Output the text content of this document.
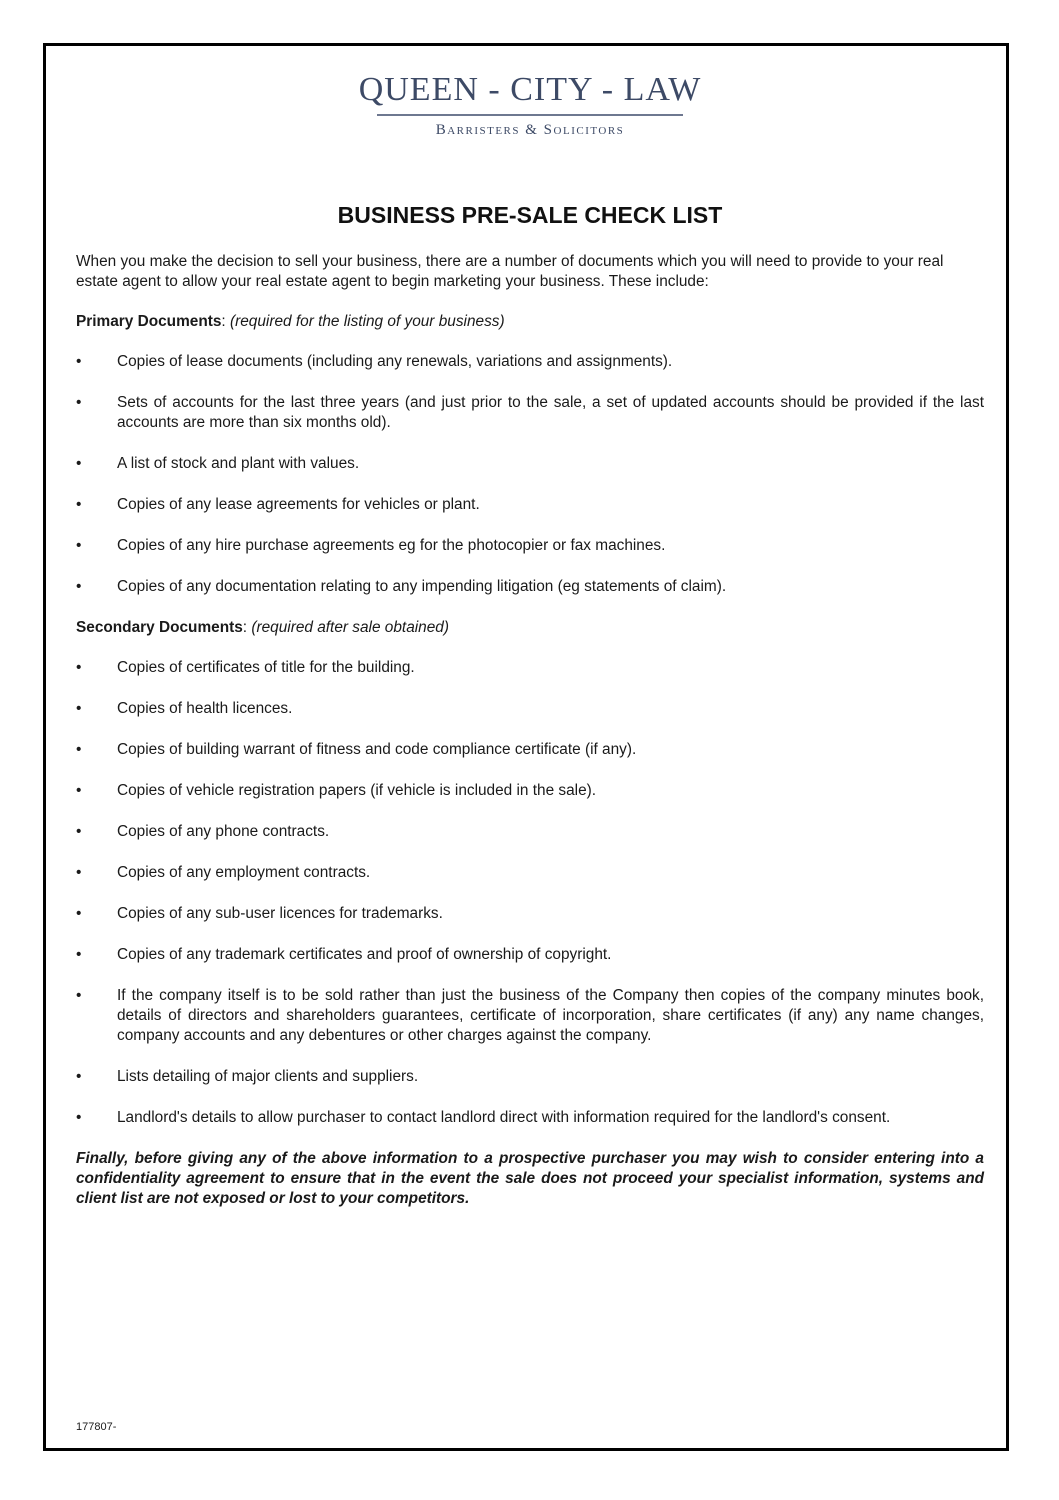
QUEEN - CITY - LAW
Barristers & Solicitors
BUSINESS PRE-SALE CHECK LIST

When you make the decision to sell your business, there are a number of documents which you will need to provide to your real estate agent to allow your real estate agent to begin marketing your business. These include:

Primary Documents: (required for the listing of your business)

• Copies of lease documents (including any renewals, variations and assignments).
• Sets of accounts for the last three years (and just prior to the sale, a set of updated accounts should be provided if the last accounts are more than six months old).
• A list of stock and plant with values.
• Copies of any lease agreements for vehicles or plant.
• Copies of any hire purchase agreements eg for the photocopier or fax machines.
• Copies of any documentation relating to any impending litigation (eg statements of claim).

Secondary Documents: (required after sale obtained)

• Copies of certificates of title for the building.
• Copies of health licences.
• Copies of building warrant of fitness and code compliance certificate (if any).
• Copies of vehicle registration papers (if vehicle is included in the sale).
• Copies of any phone contracts.
• Copies of any employment contracts.
• Copies of any sub-user licences for trademarks.
• Copies of any trademark certificates and proof of ownership of copyright.
• If the company itself is to be sold rather than just the business of the Company then copies of the company minutes book, details of directors and shareholders guarantees, certificate of incorporation, share certificates (if any) any name changes, company accounts and any debentures or other charges against the company.
• Lists detailing of major clients and suppliers.
• Landlord's details to allow purchaser to contact landlord direct with information required for the landlord's consent.

Finally, before giving any of the above information to a prospective purchaser you may wish to consider entering into a confidentiality agreement to ensure that in the event the sale does not proceed your specialist information, systems and client list are not exposed or lost to your competitors.

177807-
